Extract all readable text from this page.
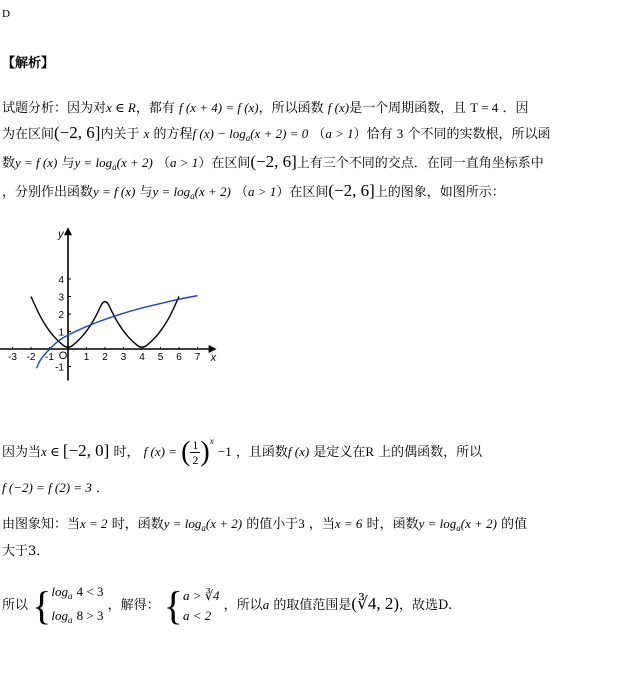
D
【解析】
试题分析：因为对x ∈ R，都有 f (x + 4) = f (x)，所以函数 f (x)是一个周期函数，且 T = 4 ．因
为在区间(−2, 6]内关于 x 的方程f $(x) - \log_a(x + 2) = 0$ （a > 1）恰有 3 个不同的实数根，所以函
数y = f (x) 与$y = \log_a(x + 2) (a > 1)$在区间(−2, 6]上有三个不同的交点．在同一直角坐标系中
，分别作出函数y = f (x) 与$y = \log_a(x + 2) (a > 1)$在区间(−2, 6]上的图象，如图所示：
x
y
O
-3 -2 -1	1 2 3 4 5 6 7
4
3
2
1
-1
因为当x ∈ [−2, 0] 时， f (x) = ( $\frac{1}{2} )^x -1$ ，且函数f (x) 是定义在R 上的偶函数，所以
f (−2) = f (2) = 3 ．
由图象知：当x = 2 时，函数$y = \log_a(x + 2)$ 的值小于3 ，当x = 6 时，函数$y = \log_a(x + 2)$ 的值
大于3．
所以 { $\log_a 4 < 3$
$\log_a 8 > 3$
，解得： { a > ∛4
a < 2
，所以a 的取值范围是(∛4, 2)，故选D.
